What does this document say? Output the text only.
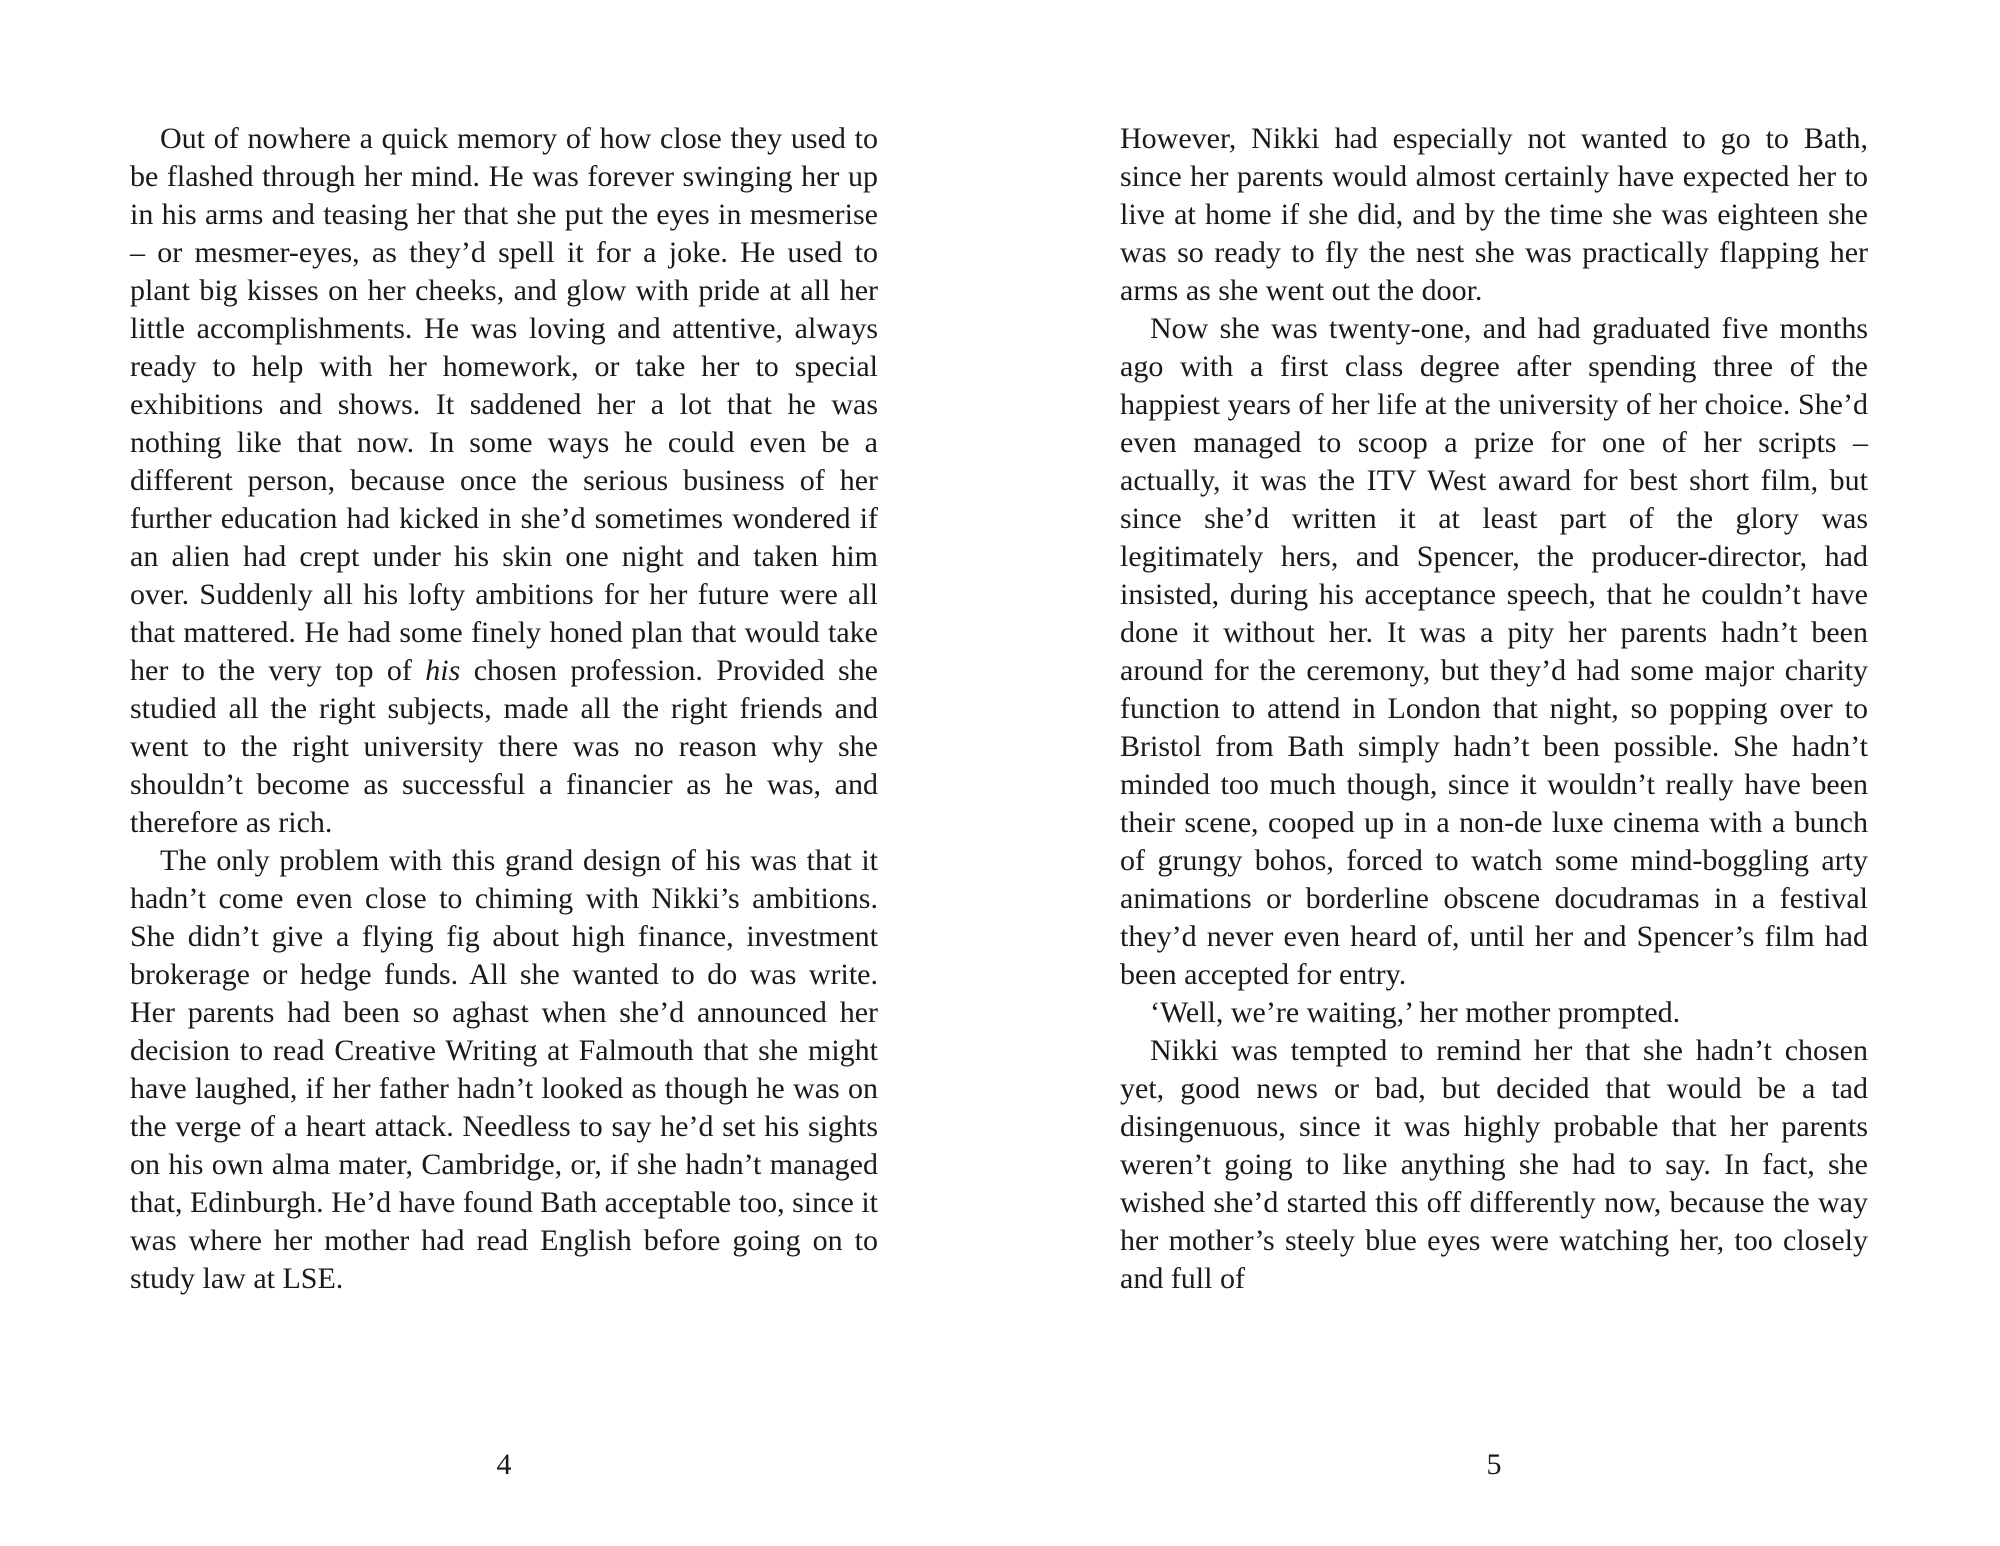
Out of nowhere a quick memory of how close they used to be flashed through her mind. He was forever swinging her up in his arms and teasing her that she put the eyes in mesmerise – or mesmer-eyes, as they’d spell it for a joke. He used to plant big kisses on her cheeks, and glow with pride at all her little accomplishments. He was loving and attentive, always ready to help with her homework, or take her to special exhibitions and shows. It saddened her a lot that he was nothing like that now. In some ways he could even be a different person, because once the serious business of her further education had kicked in she’d sometimes wondered if an alien had crept under his skin one night and taken him over. Suddenly all his lofty ambitions for her future were all that mattered. He had some finely honed plan that would take her to the very top of his chosen profession. Provided she studied all the right subjects, made all the right friends and went to the right university there was no reason why she shouldn’t become as successful a financier as he was, and therefore as rich.

The only problem with this grand design of his was that it hadn’t come even close to chiming with Nikki’s ambitions. She didn’t give a flying fig about high finance, investment brokerage or hedge funds. All she wanted to do was write. Her parents had been so aghast when she’d announced her decision to read Creative Writing at Falmouth that she might have laughed, if her father hadn’t looked as though he was on the verge of a heart attack. Needless to say he’d set his sights on his own alma mater, Cambridge, or, if she hadn’t managed that, Edinburgh. He’d have found Bath acceptable too, since it was where her mother had read English before going on to study law at LSE.

However, Nikki had especially not wanted to go to Bath, since her parents would almost certainly have expected her to live at home if she did, and by the time she was eighteen she was so ready to fly the nest she was practically flapping her arms as she went out the door.

Now she was twenty-one, and had graduated five months ago with a first class degree after spending three of the happiest years of her life at the university of her choice. She’d even managed to scoop a prize for one of her scripts – actually, it was the ITV West award for best short film, but since she’d written it at least part of the glory was legitimately hers, and Spencer, the producer-director, had insisted, during his acceptance speech, that he couldn’t have done it without her. It was a pity her parents hadn’t been around for the ceremony, but they’d had some major charity function to attend in London that night, so popping over to Bristol from Bath simply hadn’t been possible. She hadn’t minded too much though, since it wouldn’t really have been their scene, cooped up in a non-de luxe cinema with a bunch of grungy bohos, forced to watch some mind-boggling arty animations or borderline obscene docudramas in a festival they’d never even heard of, until her and Spencer’s film had been accepted for entry.

‘Well, we’re waiting,’ her mother prompted.

Nikki was tempted to remind her that she hadn’t chosen yet, good news or bad, but decided that would be a tad disingenuous, since it was highly probable that her parents weren’t going to like anything she had to say. In fact, she wished she’d started this off differently now, because the way her mother’s steely blue eyes were watching her, too closely and full of

4	5
